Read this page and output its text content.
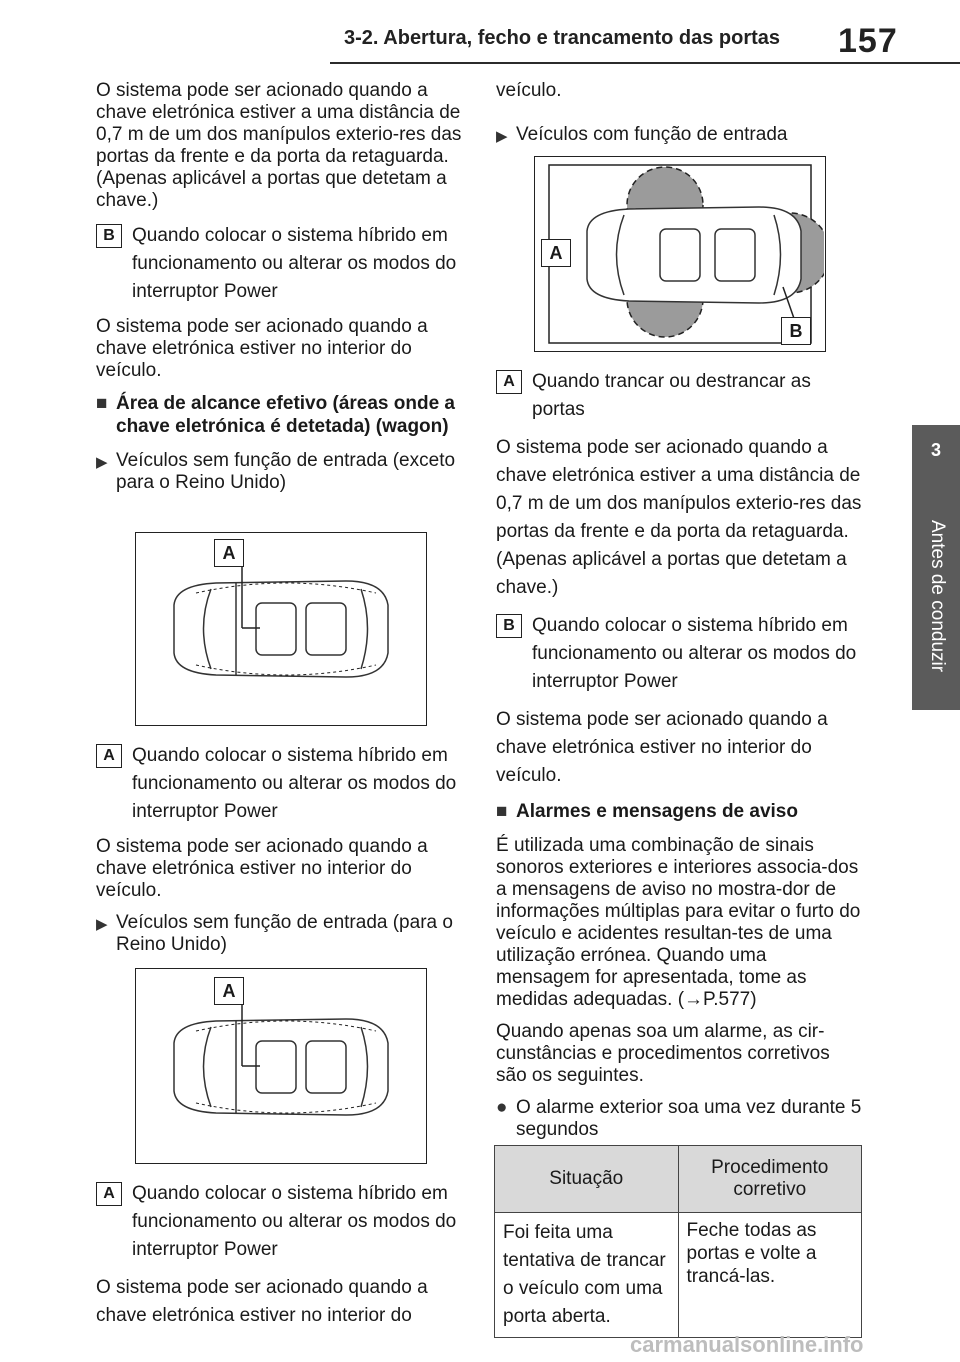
3-2. Abertura, fecho e trancamento das portas 157
3
Antes de conduzir
O sistema pode ser acionado quando a chave eletrónica estiver a uma distância de 0,7 m de um dos manípulos exterio-res das portas da frente e da porta da retaguarda. (Apenas aplicável a portas que detetam a chave.)
B Quando colocar o sistema híbrido em funcionamento ou alterar os modos do interruptor Power
O sistema pode ser acionado quando a chave eletrónica estiver no interior do veículo.
■ Área de alcance efetivo (áreas onde a chave eletrónica é detetada) (wagon)
▶ Veículos sem função de entrada (exceto para o Reino Unido)
A
A Quando colocar o sistema híbrido em funcionamento ou alterar os modos do interruptor Power
O sistema pode ser acionado quando a chave eletrónica estiver no interior do veículo.
▶ Veículos sem função de entrada (para o Reino Unido)
A
A Quando colocar o sistema híbrido em funcionamento ou alterar os modos do interruptor Power
O sistema pode ser acionado quando a chave eletrónica estiver no interior do
veículo.
▶ Veículos com função de entrada
A
B
A Quando trancar ou destrancar as portas
O sistema pode ser acionado quando a chave eletrónica estiver a uma distância de 0,7 m de um dos manípulos exterio-res das portas da frente e da porta da retaguarda. (Apenas aplicável a portas que detetam a chave.)
B Quando colocar o sistema híbrido em funcionamento ou alterar os modos do interruptor Power
O sistema pode ser acionado quando a chave eletrónica estiver no interior do veículo.
■ Alarmes e mensagens de aviso
É utilizada uma combinação de sinais sonoros exteriores e interiores associa-dos a mensagens de aviso no mostra-dor de informações múltiplas para evitar o furto do veículo e acidentes resultan-tes de uma utilização errónea. Quando uma mensagem for apresentada, tome as medidas adequadas. (→P.577)
Quando apenas soa um alarme, as cir-cunstâncias e procedimentos corretivos são os seguintes.
● O alarme exterior soa uma vez durante 5 segundos
Situação	Procedimento corretivo
Foi feita uma tentativa de trancar o veículo com uma porta aberta.	Feche todas as portas e volte a trancá-las.
carmanualsonline.info
